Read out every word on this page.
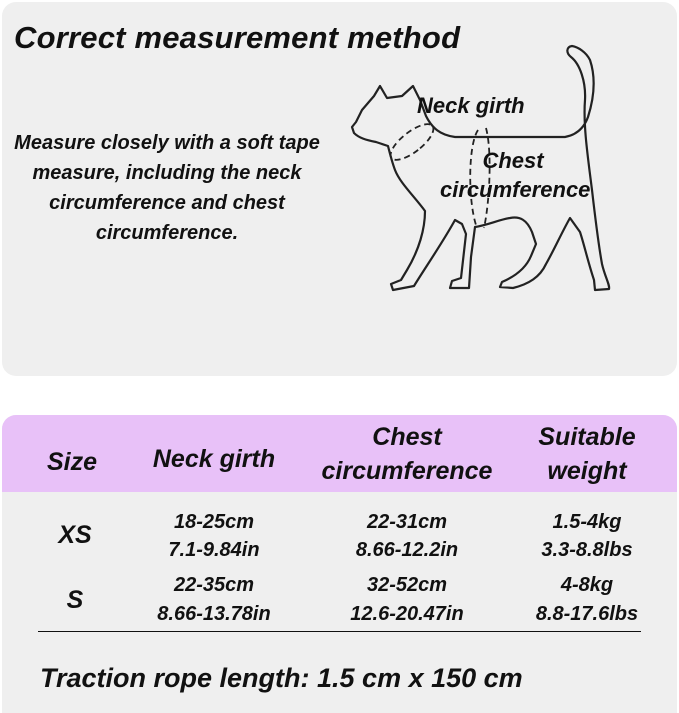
Correct measurement method
Measure closely with a soft tape measure, including the neck circumference and chest circumference.
Neck girth
Chest circumference
Size	Neck girth
Chest circumference
Suitable weight
XS	18-25cm
7.1-9.84in
22-31cm
8.66-12.2in
1.5-4kg
3.3-8.8lbs
S
22-35cm
8.66-13.78in
32-52cm
12.6-20.47in
4-8kg
8.8-17.6lbs
Traction rope length: 1.5 cm x 150 cm
